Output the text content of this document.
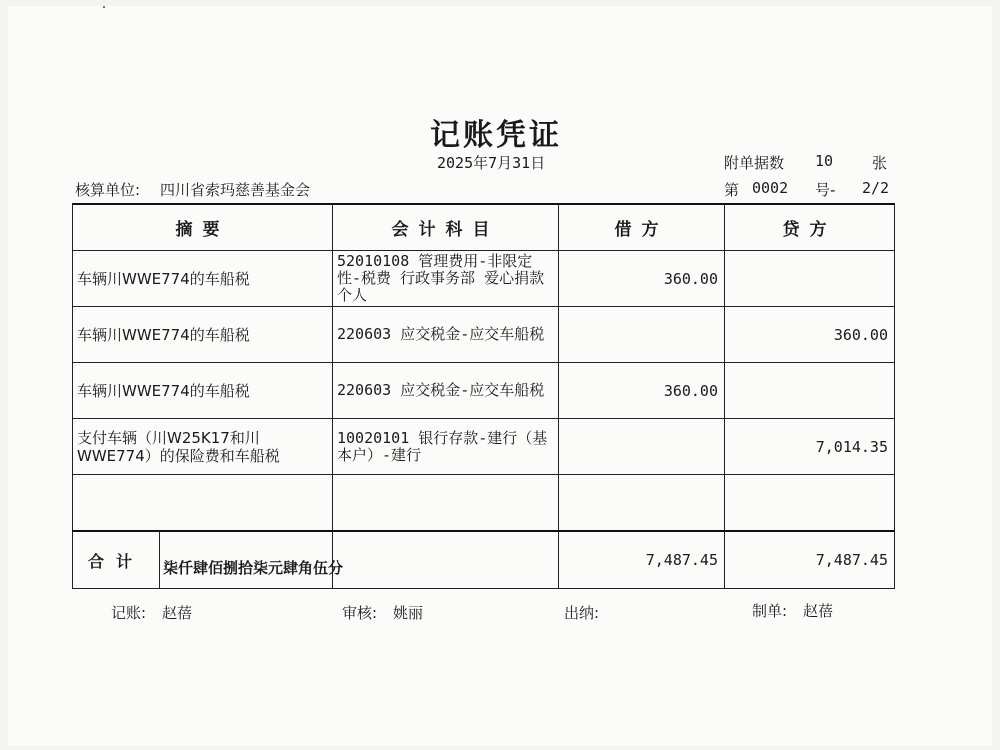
记账凭证
2025年7月31日	附单据数 10	张
核算单位: 四川省索玛慈善基金会	第 0002 号- 2/2
摘要	会计科目	借方	贷方
车辆川WWE774的车船税	52010108 管理费用-非限定性-税费 行政事务部 爱心捐款 个人	360.00	
车辆川WWE774的车船税	220603 应交税金-应交车船税		360.00
车辆川WWE774的车船税	220603 应交税金-应交车船税	360.00	
支付车辆（川W25K17和川WWE774）的保险费和车船税	10020101 银行存款-建行（基本户）-建行		7,014.35

合计		7,487.45	7,487.45
柒仟肆佰捌拾柒元肆角伍分
记账: 赵蓓	审核: 姚丽	出纳:	制单: 赵蓓
